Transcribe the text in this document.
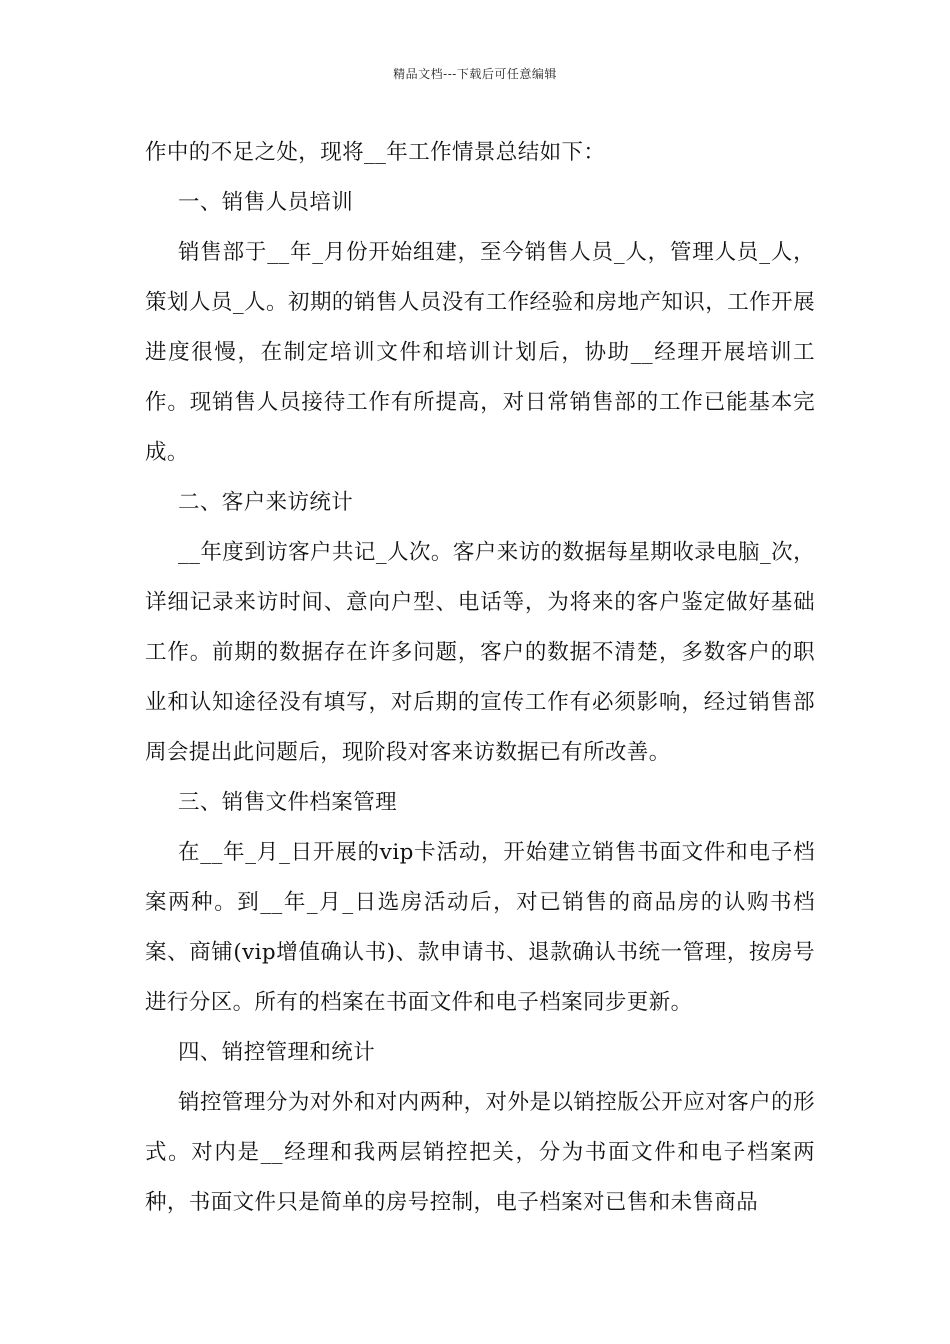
精品文档---下载后可任意编辑

作中的不足之处，现将__年工作情景总结如下：

一、销售人员培训

销售部于__年_月份开始组建，至今销售人员_人，管理人员_人，策划人员_人。初期的销售人员没有工作经验和房地产知识，工作开展进度很慢，在制定培训文件和培训计划后，协助__经理开展培训工作。现销售人员接待工作有所提高，对日常销售部的工作已能基本完成。

二、客户来访统计

__年度到访客户共记_人次。客户来访的数据每星期收录电脑_次，详细记录来访时间、意向户型、电话等，为将来的客户鉴定做好基础工作。前期的数据存在许多问题，客户的数据不清楚，多数客户的职业和认知途径没有填写，对后期的宣传工作有必须影响，经过销售部周会提出此问题后，现阶段对客来访数据已有所改善。

三、销售文件档案管理

在__年_月_日开展的vip卡活动，开始建立销售书面文件和电子档案两种。到__年_月_日选房活动后，对已销售的商品房的认购书档案、商铺(vip增值确认书)、款申请书、退款确认书统一管理，按房号进行分区。所有的档案在书面文件和电子档案同步更新。

四、销控管理和统计

销控管理分为对外和对内两种，对外是以销控版公开应对客户的形式。对内是__经理和我两层销控把关，分为书面文件和电子档案两种，书面文件只是简单的房号控制，电子档案对已售和未售商品
